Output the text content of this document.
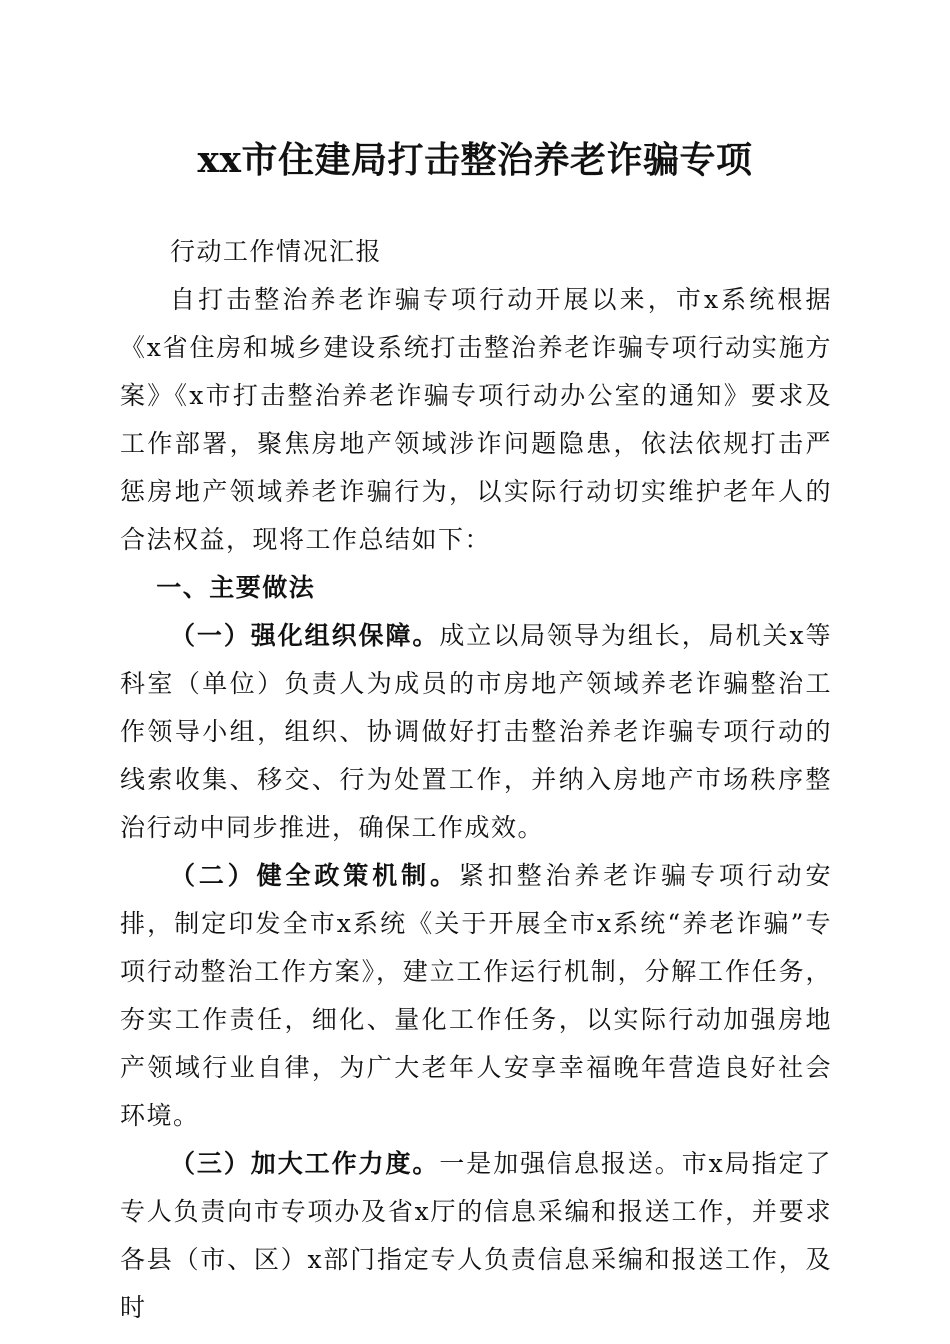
xx市住建局打击整治养老诈骗专项

行动工作情况汇报

自打击整治养老诈骗专项行动开展以来，市x系统根据《x省住房和城乡建设系统打击整治养老诈骗专项行动实施方案》《x市打击整治养老诈骗专项行动办公室的通知》要求及工作部署，聚焦房地产领域涉诈问题隐患，依法依规打击严惩房地产领域养老诈骗行为，以实际行动切实维护老年人的合法权益，现将工作总结如下：

一、主要做法

（一）强化组织保障。成立以局领导为组长，局机关x等科室（单位）负责人为成员的市房地产领域养老诈骗整治工作领导小组，组织、协调做好打击整治养老诈骗专项行动的线索收集、移交、行为处置工作，并纳入房地产市场秩序整治行动中同步推进，确保工作成效。

（二）健全政策机制。紧扣整治养老诈骗专项行动安排，制定印发全市x系统《关于开展全市x系统“养老诈骗”专项行动整治工作方案》，建立工作运行机制，分解工作任务，夯实工作责任，细化、量化工作任务，以实际行动加强房地产领域行业自律，为广大老年人安享幸福晚年营造良好社会环境。

（三）加大工作力度。一是加强信息报送。市x局指定了专人负责向市专项办及省x厅的信息采编和报送工作，并要求各县（市、区）x部门指定专人负责信息采编和报送工作，及时
